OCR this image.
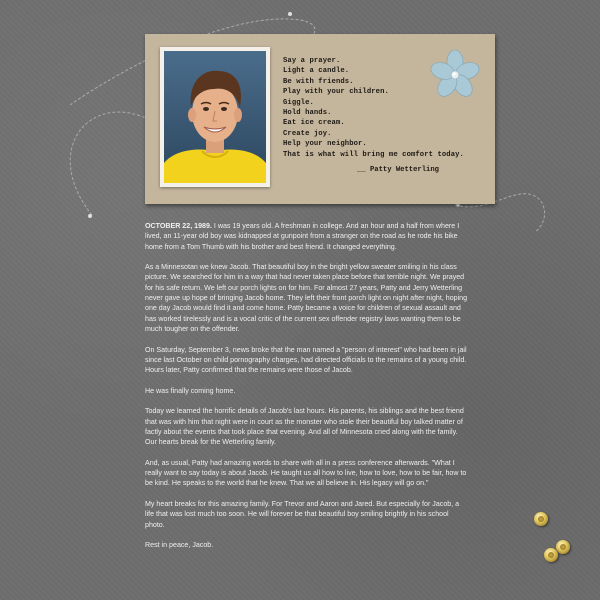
Say a prayer.
Light a candle.
Be with friends.
Play with your children.
Giggle.
Hold hands.
Eat ice cream.
Create joy.
Help your neighbor.
That is what will bring me comfort today.
__ Patty Wetterling

OCTOBER 22, 1989. I was 19 years old. A freshman in college. And an hour and a half from where I lived, an 11-year old boy was kidnapped at gunpoint from a stranger on the road as he rode his bike home from a Tom Thumb with his brother and best friend. It changed everything.

As a Minnesotan we knew Jacob. That beautiful boy in the bright yellow sweater smiling in his class picture. We searched for him in a way that had never taken place before that terrible night. We prayed for his safe return. We left our porch lights on for him. For almost 27 years, Patty and Jerry Wetterling never gave up hope of bringing Jacob home. They left their front porch light on night after night, hoping one day Jacob would find it and come home. Patty became a voice for children of sexual assault and has worked tirelessly and is a vocal critic of the current sex offender registry laws wanting them to be much tougher on the offender.

On Saturday, September 3, news broke that the man named a "person of interest" who had been in jail since last October on child pornography charges, had directed officials to the remains of a young child. Hours later, Patty confirmed that the remains were those of Jacob.

He was finally coming home.

Today we learned the horrific details of Jacob's last hours. His parents, his siblings and the best friend that was with him that night were in court as the monster who stole their beautiful boy talked matter of factly about the events that took place that evening. And all of Minnesota cried along with the family. Our hearts break for the Wetterling family.

And, as usual, Patty had amazing words to share with all in a press conference afterwards. "What I really want to say today is about Jacob. He taught us all how to live, how to love, how to be fair, how to be kind. He speaks to the world that he knew. That we all believe in. His legacy will go on."

My heart breaks for this amazing family. For Trevor and Aaron and Jared. But especially for Jacob, a life that was lost much too soon. He will forever be that beautiful boy smiling brightly in his school photo.

Rest in peace, Jacob.
